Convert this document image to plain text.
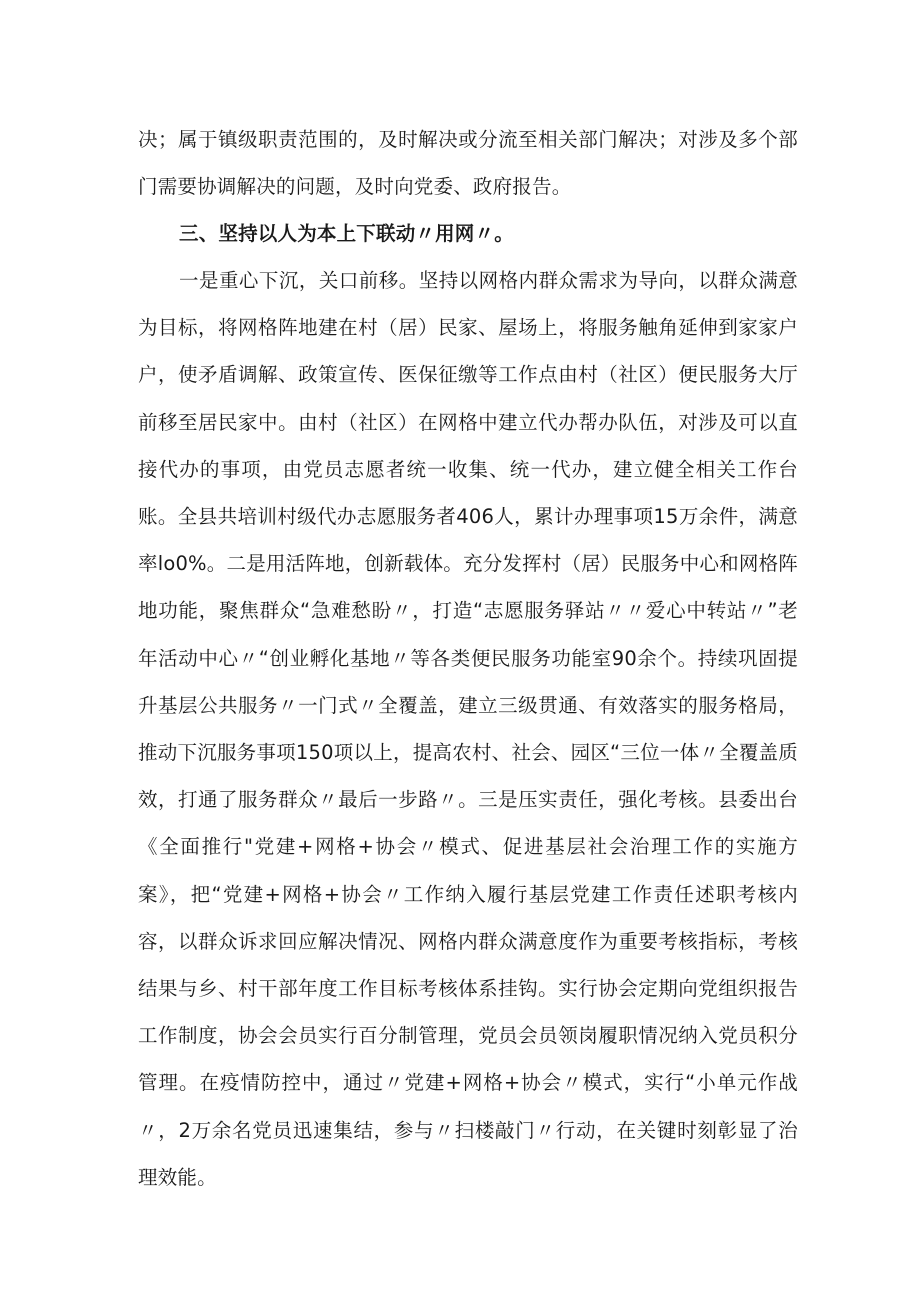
决；属于镇级职责范围的，及时解决或分流至相关部门解决；对涉及多个部门需要协调解决的问题，及时向党委、政府报告。

三、坚持以人为本上下联动〃用网〃。

一是重心下沉，关口前移。坚持以网格内群众需求为导向，以群众满意为目标，将网格阵地建在村（居）民家、屋场上，将服务触角延伸到家家户户，使矛盾调解、政策宣传、医保征缴等工作点由村（社区）便民服务大厅前移至居民家中。由村（社区）在网格中建立代办帮办队伍，对涉及可以直接代办的事项，由党员志愿者统一收集、统一代办，建立健全相关工作台账。全县共培训村级代办志愿服务者406人，累计办理事项15万余件，满意率lo0%。二是用活阵地，创新载体。充分发挥村（居）民服务中心和网格阵地功能，聚焦群众“急难愁盼〃，打造“志愿服务驿站〃〃爱心中转站〃”老年活动中心〃“创业孵化基地〃等各类便民服务功能室90余个。持续巩固提升基层公共服务〃一门式〃全覆盖，建立三级贯通、有效落实的服务格局，推动下沉服务事项150项以上，提高农村、社会、园区“三位一体〃全覆盖质效，打通了服务群众〃最后一步路〃。三是压实责任，强化考核。县委出台《全面推行"党建+网格+协会〃模式、促进基层社会治理工作的实施方案》，把“党建+网格+协会〃工作纳入履行基层党建工作责任述职考核内容，以群众诉求回应解决情况、网格内群众满意度作为重要考核指标，考核结果与乡、村干部年度工作目标考核体系挂钩。实行协会定期向党组织报告工作制度，协会会员实行百分制管理，党员会员领岗履职情况纳入党员积分管理。在疫情防控中，通过〃党建+网格+协会〃模式，实行“小单元作战〃，2万余名党员迅速集结，参与〃扫楼敲门〃行动，在关键时刻彰显了治理效能。
